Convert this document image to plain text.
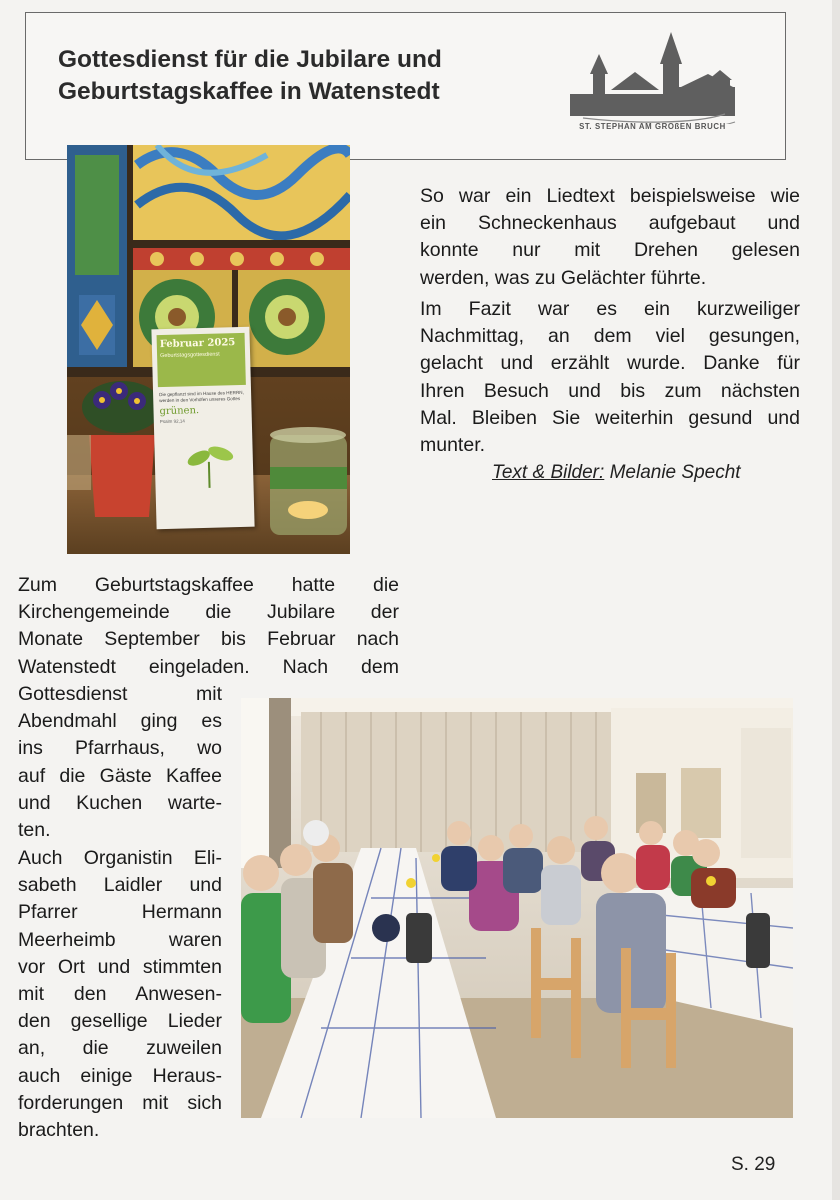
Gottesdienst für die Jubilare und
Geburtstagskaffee in Watenstedt
ST. STEPHAN AM GROßEN BRUCH
Februar 2025
Geburtstagsgottesdienst
Die gepflanzt sind im Hause des HERRN, werden in den Vorhöfen unseres Gottes
grünen.
Psalm 92,14
So war ein Liedtext beispielsweise wie
ein Schneckenhaus aufgebaut und
konnte nur mit Drehen gelesen
werden, was zu Gelächter führte.
Im Fazit war es ein kurzweiliger
Nachmittag, an dem viel gesungen,
gelacht und erzählt wurde. Danke für
Ihren Besuch und bis zum nächsten
Mal. Bleiben Sie weiterhin gesund und
munter.
Text & Bilder: Melanie Specht
Zum Geburtstagskaffee hatte die
Kirchengemeinde die Jubilare der
Monate September bis Februar nach
Watenstedt eingeladen. Nach dem
Gottesdienst mit
Abendmahl ging es
ins Pfarrhaus, wo
auf die Gäste Kaffee
und Kuchen warte-
ten.
Auch Organistin Eli-
sabeth Laidler und
Pfarrer Hermann
Meerheimb waren
vor Ort und stimmten
mit den Anwesen-
den gesellige Lieder
an, die zuweilen
auch einige Heraus-
forderungen mit sich
brachten.
S. 29
